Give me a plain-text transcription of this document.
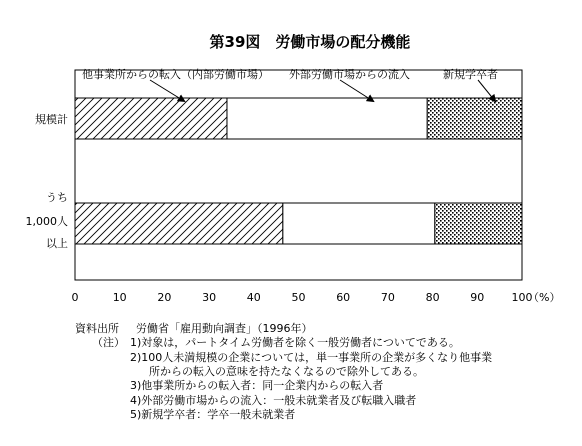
第39図　労働市場の配分機能
規模計
うち
1,000人
以上
他事業所からの転入（内部労働市場） 外部労働市場からの流入	新規学卒者
0	10	20	30	40	50	60	70	80	90 100
（%）
資料出所 労働省「雇用動向調査」（1996年）
（注） 1)対象は，パートタイム労働者を除く一般労働者についてである。
2)100人未満規模の企業については，単一事業所の企業が多くなり他事業
所からの転入の意味を持たなくなるので除外してある。
3)他事業所からの転入者：同一企業内からの転入者
4)外部労働市場からの流入：一般未就業者及び転職入職者
5)新規学卒者：学卒一般未就業者
